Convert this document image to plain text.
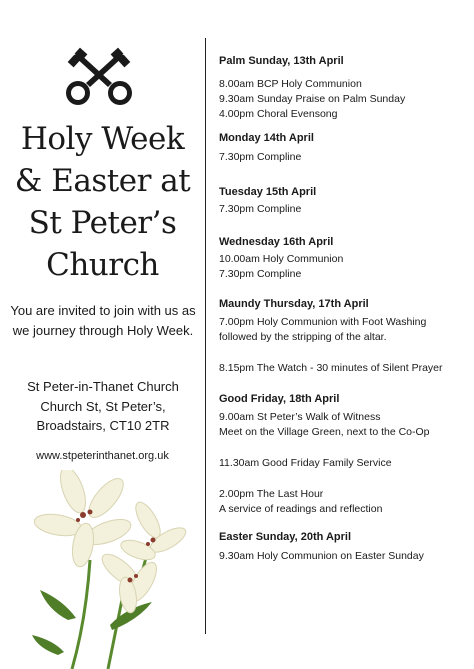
Holy Week
& Easter at
St Peter’s
Church
You are invited to join with us as we journey through Holy Week.
St Peter-in-Thanet Church
Church St, St Peter’s,
Broadstairs, CT10 2TR
www.stpeterinthanet.org.uk
Palm Sunday, 13th April
8.00am BCP Holy Communion
9.30am Sunday Praise on Palm Sunday
4.00pm Choral Evensong
Monday 14th April
7.30pm Compline
Tuesday 15th April
7.30pm Compline
Wednesday 16th April
10.00am Holy Communion
7.30pm Compline
Maundy Thursday, 17th April
7.00pm Holy Communion with Foot Washing
followed by the stripping of the altar.
8.15pm The Watch - 30 minutes of Silent Prayer
Good Friday, 18th April
9.00am St Peter’s Walk of Witness
Meet on the Village Green, next to the Co-Op
11.30am Good Friday Family Service
2.00pm The Last Hour
A service of readings and reflection
Easter Sunday, 20th April
9.30am Holy Communion on Easter Sunday
